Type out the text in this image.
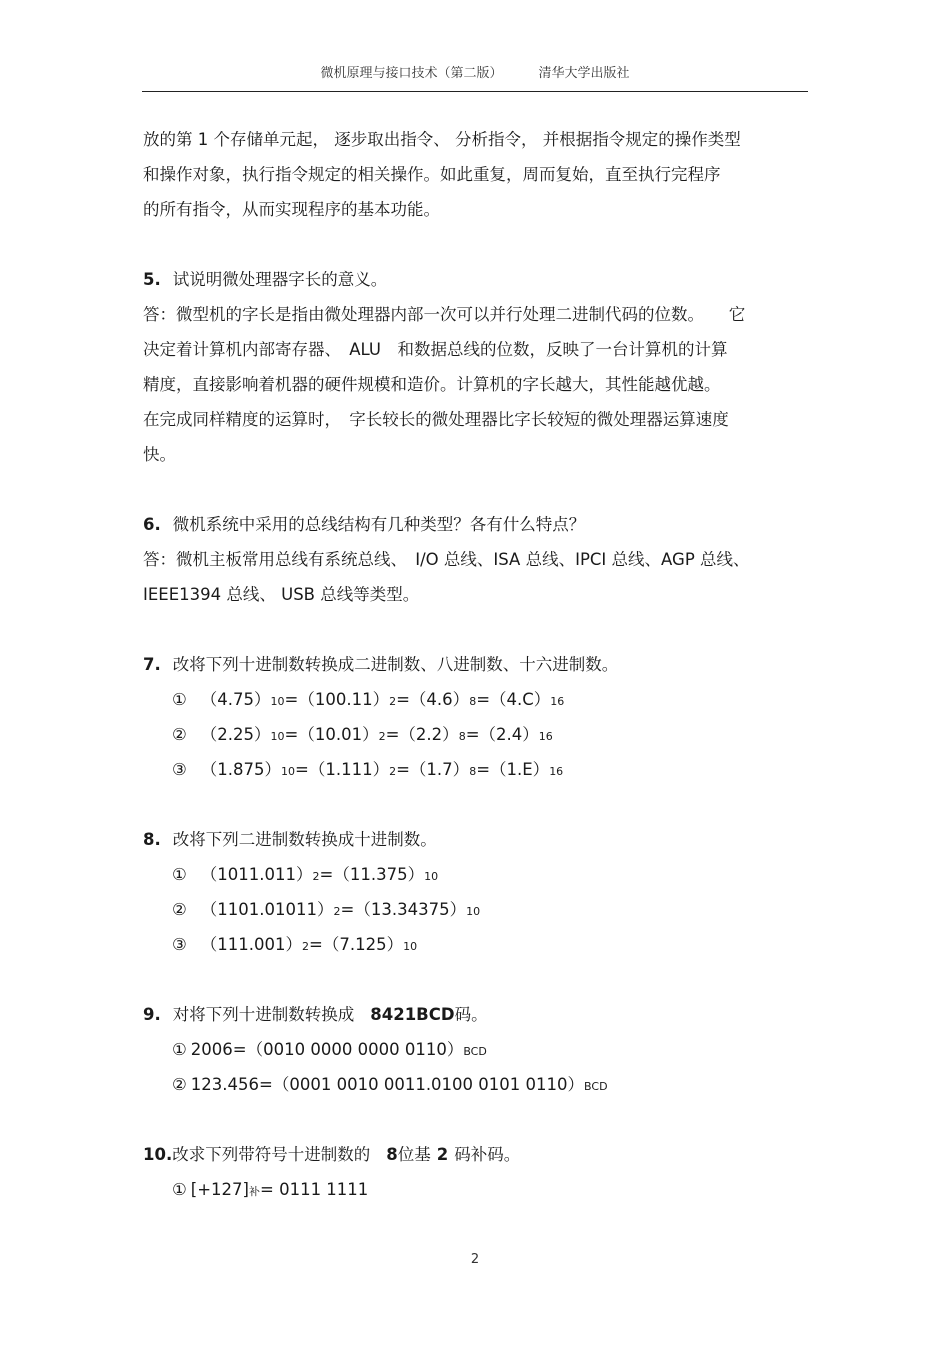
微机原理与接口技术（第二版）	清华大学出版社
放的第 1 个存储单元起， 逐步取出指令、 分析指令， 并根据指令规定的操作类型
和操作对象，执行指令规定的相关操作。如此重复，周而复始，直至执行完程序
的所有指令，从而实现程序的基本功能。
5. 试说明微处理器字长的意义。
答：微型机的字长是指由微处理器内部一次可以并行处理二进制代码的位数。　　它
决定着计算机内部寄存器、　ALU　和数据总线的位数，反映了一台计算机的计算
精度，直接影响着机器的硬件规模和造价。计算机的字长越大，其性能越优越。
在完成同样精度的运算时，　字长较长的微处理器比字长较短的微处理器运算速度
快。
6. 微机系统中采用的总线结构有几种类型？各有什么特点？
答：微机主板常用总线有系统总线、　I/O 总线、ISA 总线、IPCI 总线、AGP 总线、
IEEE1394 总线、 USB 总线等类型。
7. 改将下列十进制数转换成二进制数、八进制数、十六进制数。
① （4.75）10=（100.11）2=（4.6）8=（4.C）16
② （2.25）10=（10.01）2=（2.2）8=（2.4）16
③ （1.875）10=（1.111）2=（1.7）8=（1.E）16
8. 改将下列二进制数转换成十进制数。
① （1011.011）2=（11.375）10
② （1101.01011）2=（13.34375）10
③ （111.001）2=（7.125）10
9. 对将下列十进制数转换成 8421BCD码。
① 2006=（0010 0000 0000 0110）BCD
② 123.456=（0001 0010 0011.0100 0101 0110）BCD
10.改求下列带符号十进制数的 8位基 2 码补码。
① [+127]补= 0111 1111
2
